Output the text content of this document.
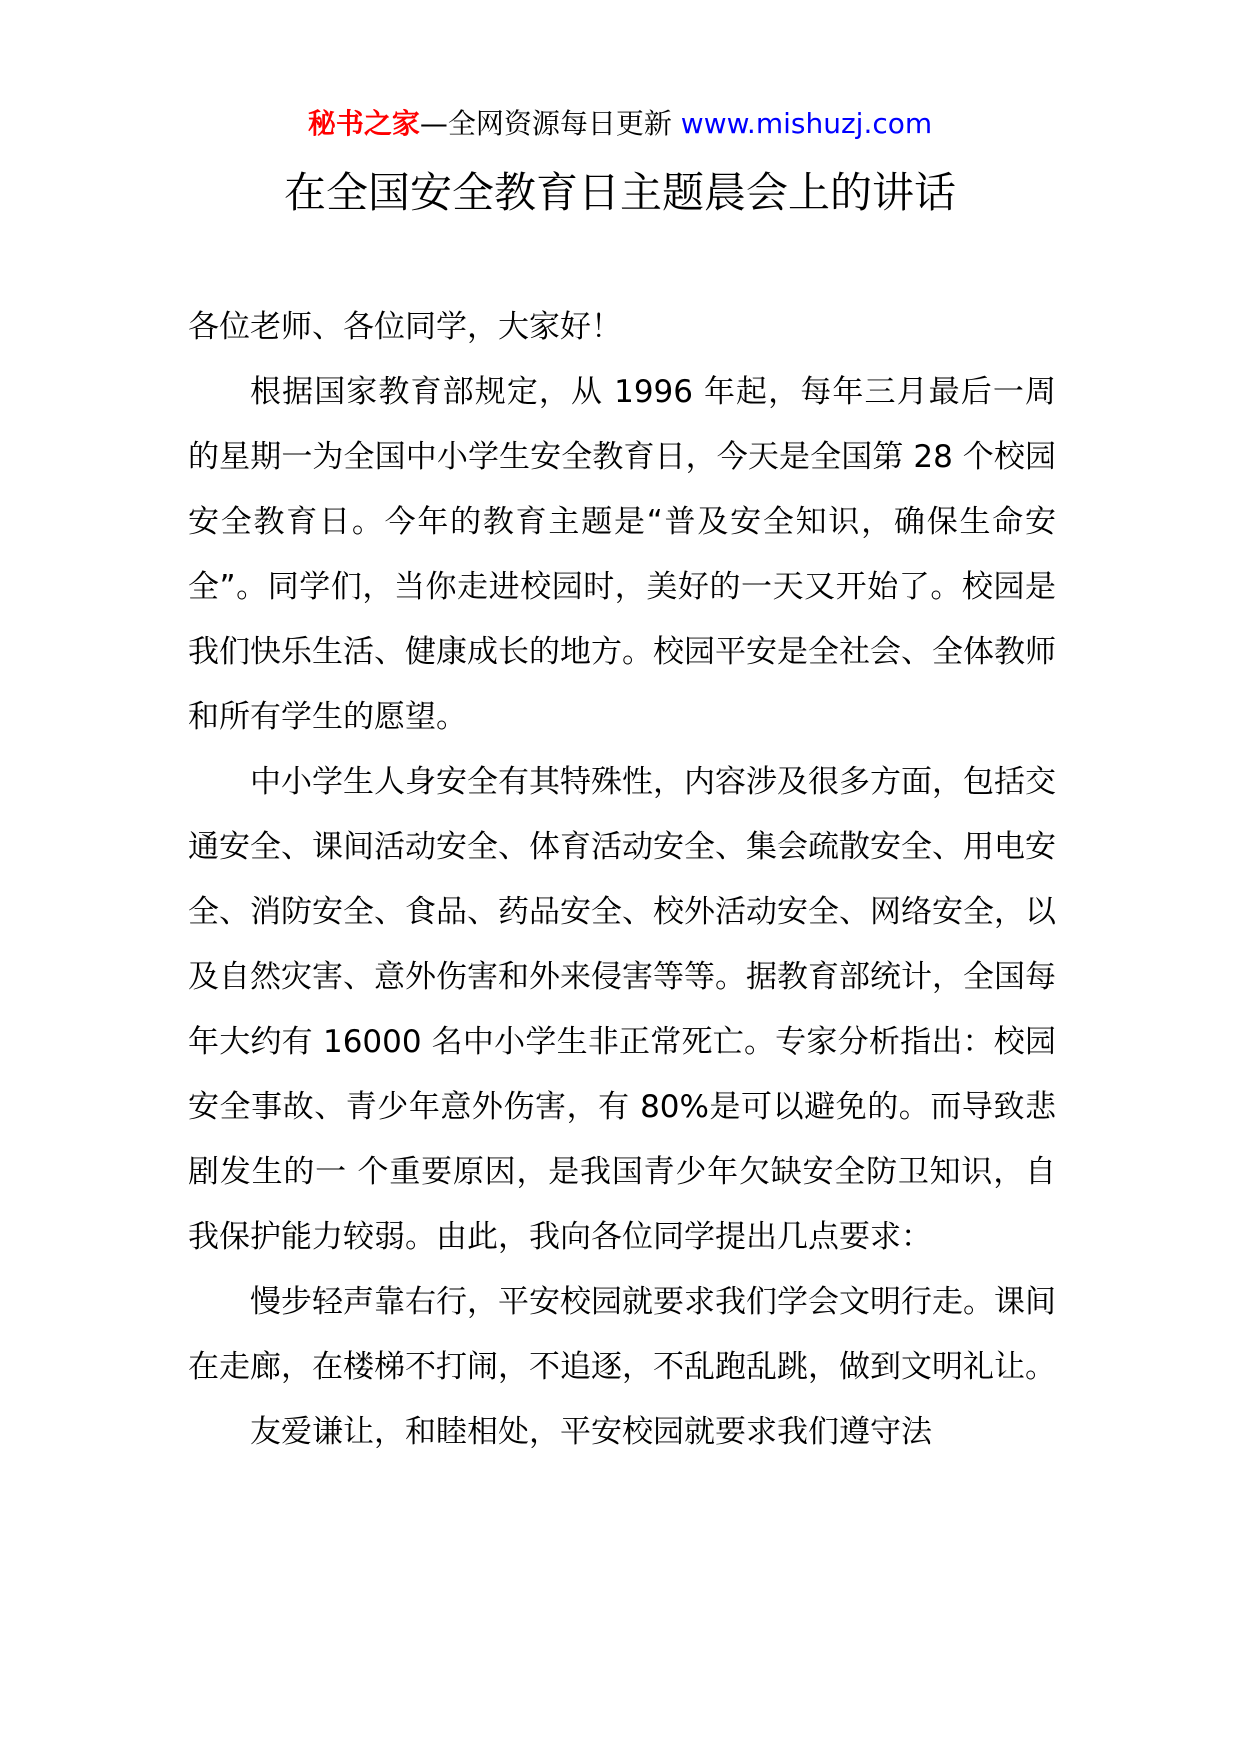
秘书之家—全网资源每日更新 www.mishuzj.com
在全国安全教育日主题晨会上的讲话

各位老师、各位同学，大家好！

根据国家教育部规定，从 1996 年起，每年三月最后一周的星期一为全国中小学生安全教育日，今天是全国第 28 个校园安全教育日。今年的教育主题是“普及安全知识，确保生命安全”。同学们，当你走进校园时，美好的一天又开始了。校园是我们快乐生活、健康成长的地方。校园平安是全社会、全体教师和所有学生的愿望。

中小学生人身安全有其特殊性，内容涉及很多方面，包括交通安全、课间活动安全、体育活动安全、集会疏散安全、用电安全、消防安全、食品、药品安全、校外活动安全、网络安全，以及自然灾害、意外伤害和外来侵害等等。据教育部统计，全国每年大约有 16000 名中小学生非正常死亡。专家分析指出：校园安全事故、青少年意外伤害，有 80%是可以避免的。而导致悲剧发生的一 个重要原因，是我国青少年欠缺安全防卫知识，自我保护能力较弱。由此，我向各位同学提出几点要求：

慢步轻声靠右行，平安校园就要求我们学会文明行走。课间在走廊，在楼梯不打闹，不追逐，不乱跑乱跳，做到文明礼让。

友爱谦让，和睦相处，平安校园就要求我们遵守法
